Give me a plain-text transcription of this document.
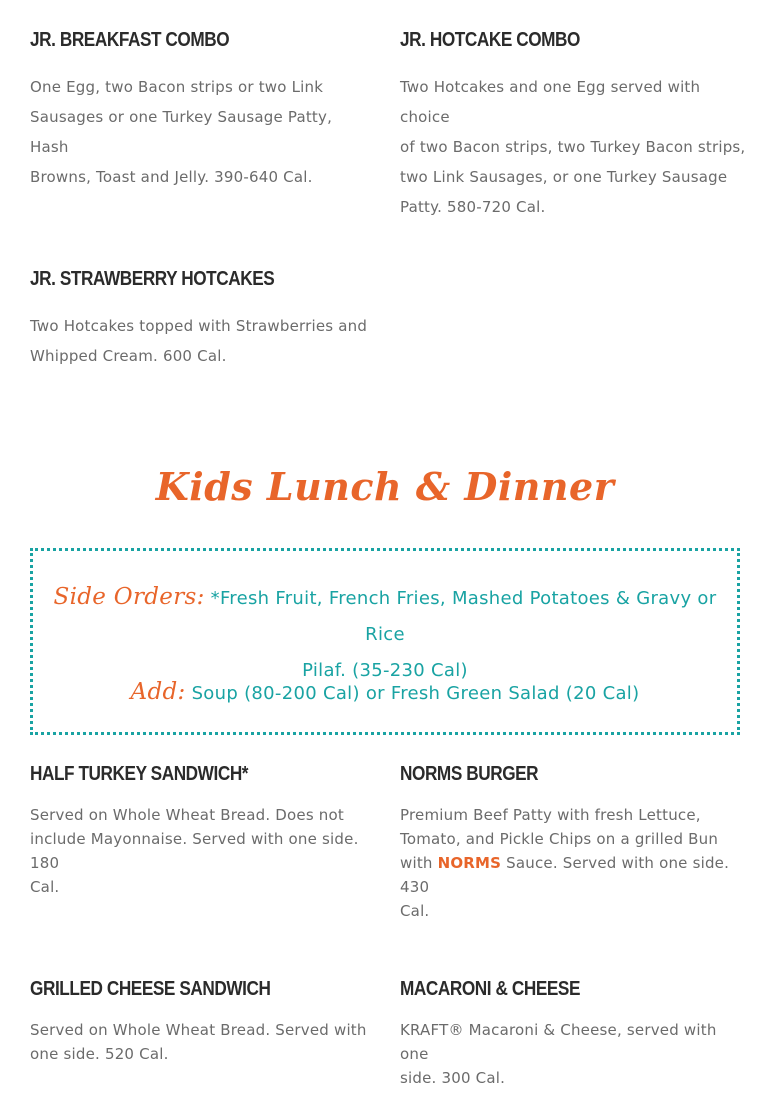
JR. BREAKFAST COMBO

One Egg, two Bacon strips or two Link
Sausages or one Turkey Sausage Patty, Hash
Browns, Toast and Jelly. 390-640 Cal.

JR. HOTCAKE COMBO

Two Hotcakes and one Egg served with choice
of two Bacon strips, two Turkey Bacon strips,
two Link Sausages, or one Turkey Sausage
Patty. 580-720 Cal.

JR. STRAWBERRY HOTCAKES

Two Hotcakes topped with Strawberries and
Whipped Cream. 600 Cal.

Kids Lunch & Dinner
Side Orders: *Fresh Fruit, French Fries, Mashed Potatoes & Gravy or Rice
Pilaf. (35-230 Cal)
Add: Soup (80-200 Cal) or Fresh Green Salad (20 Cal)
HALF TURKEY SANDWICH*

Served on Whole Wheat Bread. Does not
include Mayonnaise. Served with one side. 180
Cal.

NORMS BURGER

Premium Beef Patty with fresh Lettuce,
Tomato, and Pickle Chips on a grilled Bun
with NORMS Sauce. Served with one side. 430
Cal.

GRILLED CHEESE SANDWICH

Served on Whole Wheat Bread. Served with
one side. 520 Cal.

MACARONI & CHEESE

KRAFT® Macaroni & Cheese, served with one
side. 300 Cal.
